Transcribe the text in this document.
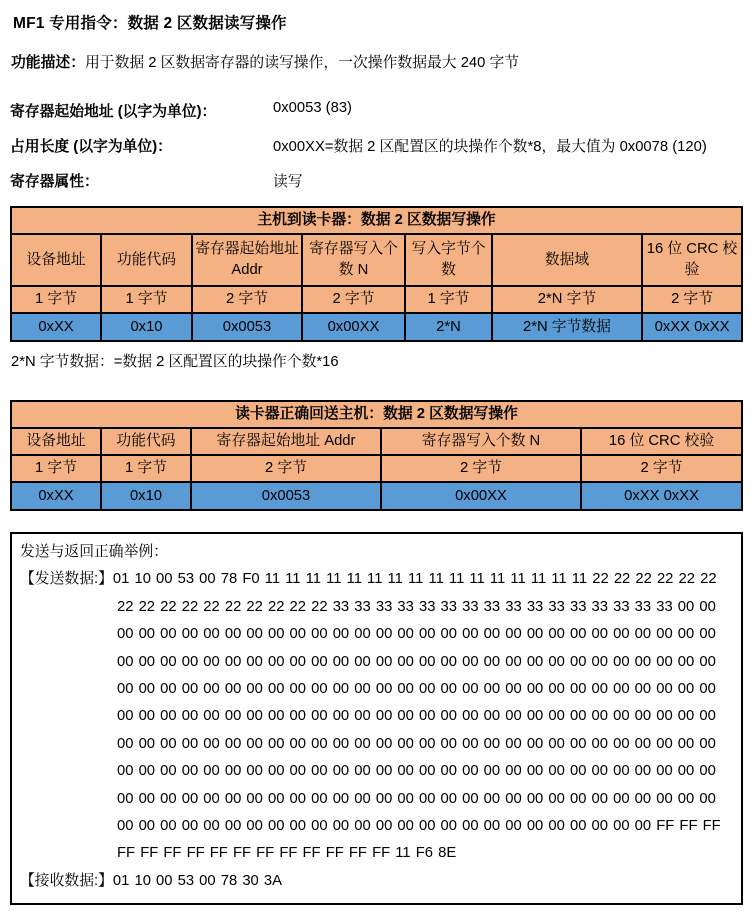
MF1 专用指令：数据 2 区数据读写操作
功能描述：用于数据 2 区数据寄存器的读写操作，一次操作数据最大 240 字节
寄存器起始地址 (以字为单位)：	0x0053 (83)
占用长度 (以字为单位)：	0x00XX=数据 2 区配置区的块操作个数*8，最大值为 0x0078 (120)
寄存器属性：	读写
主机到读卡器：数据 2 区数据写操作						
设备地址	功能代码	寄存器起始地址 Addr	寄存器写入个数 N	写入字节个数	数据域	16 位 CRC 校验
1 字节	1 字节	2 字节	2 字节	1 字节	2*N 字节	2 字节
0xXX	0x10	0x0053	0x00XX	2*N	2*N 字节数据	0xXX 0xXX
2*N 字节数据：=数据 2 区配置区的块操作个数*16
读卡器正确回送主机：数据 2 区数据写操作				
设备地址	功能代码	寄存器起始地址 Addr	寄存器写入个数 N	16 位 CRC 校验
1 字节	1 字节	2 字节	2 字节	2 字节
0xXX	0x10	0x0053	0x00XX	0xXX 0xXX
发送与返回正确举例：
【发送数据:】01 10 00 53 00 78 F0 11 11 11 11 11 11 11 11 11 11 11 11 11 11 11 11 22 22 22 22 22 22 22 22 22 22 22 22 22 22 22 22 33 33 33 33 33 33 33 33 33 33 33 33 33 33 33 33 00 00 00 00 00 00 00 00 00 00 00 00 00 00 00 00 00 00 00 00 00 00 00 00 00 00 00 00 00 00 00 00 00 00 00 00 00 00 00 00 00 00 00 00 00 00 00 00 00 00 00 00 00 00 00 00 00 00 00 00 00 00 00 00 00 00 00 00 00 00 00 00 00 00 00 00 00 00 00 00 00 00 00 00 00 00 00 00 00 00 00 00 00 00 00 00 00 00 00 00 00 00 00 00 00 00 00 00 00 00 00 00 00 00 00 00 00 00 00 00 00 00 00 00 00 00 00 00 00 00 00 00 00 00 00 00 00 00 00 00 00 00 00 00 00 00 00 00 00 00 00 00 00 00 00 00 00 00 00 00 00 00 00 00 00 00 00 00 00 00 00 00 00 00 00 00 00 00 00 00 00 00 00 00 00 00 00 00 00 00 00 00 00 00 00 00 00 00 00 00 00 00 00 00 00 00 00 00 00 00 00 00 00 00 00 00 00 00 00 00 00 00 00 FF FF FF FF FF FF FF FF FF FF FF FF FF FF FF 11 F6 8E
【接收数据:】01 10 00 53 00 78 30 3A
